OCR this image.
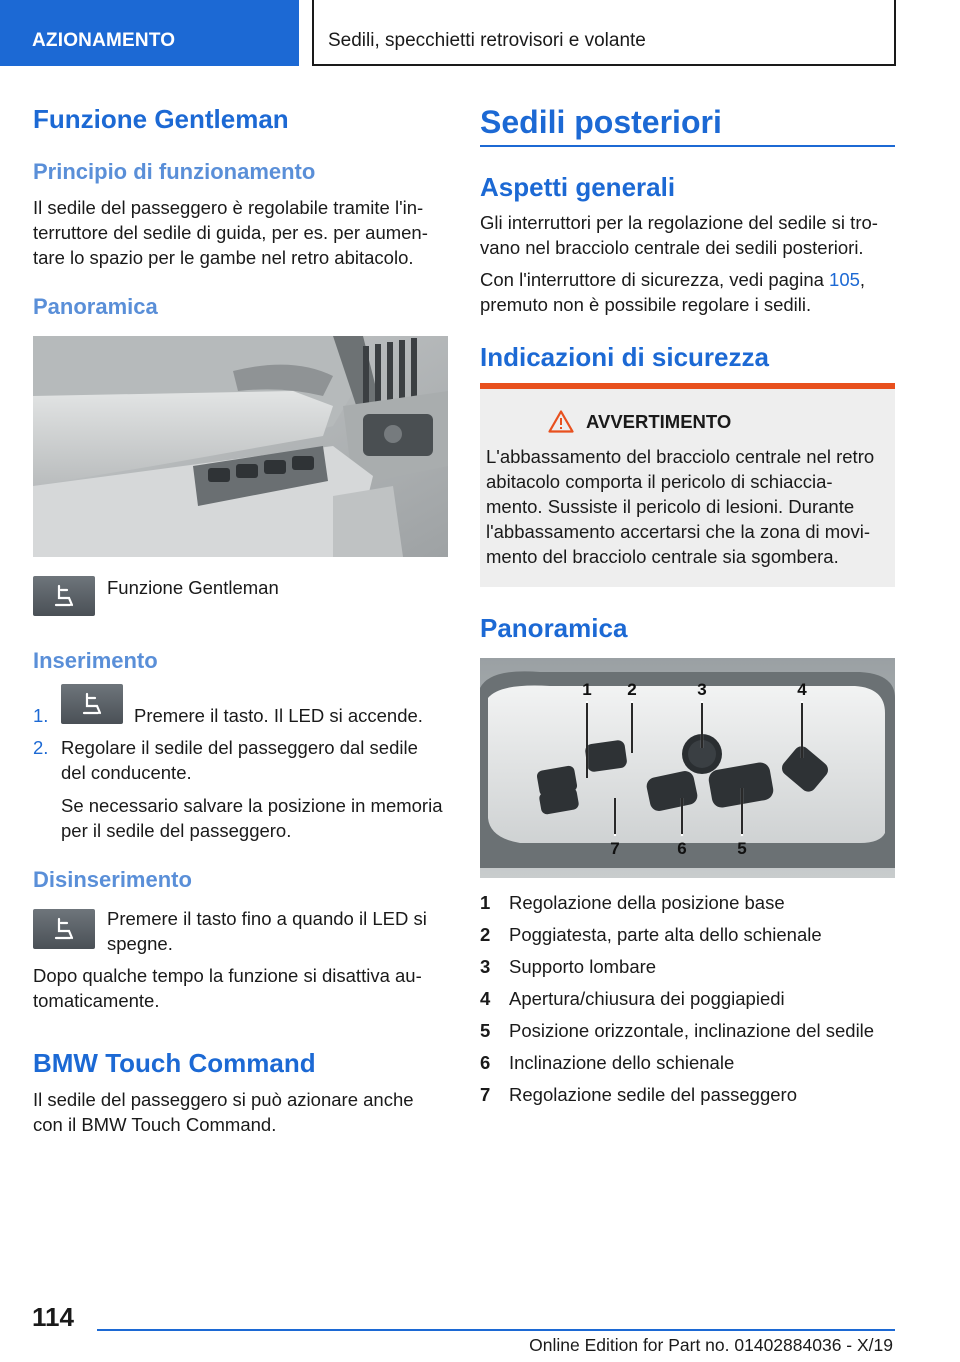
AZIONAMENTO	Sedili, specchietti retrovisori e volante
Funzione Gentleman
Principio di funzionamento
Il sedile del passeggero è regolabile tramite l'in-
terruttore del sedile di guida, per es. per aumen-
tare lo spazio per le gambe nel retro abitacolo.
Panoramica
Funzione Gentleman
Inserimento
1.	Premere il tasto. Il LED si accende.
2. Regolare il sedile del passeggero dal sedile
del conducente.
Se necessario salvare la posizione in memoria
per il sedile del passeggero.
Disinserimento
Premere il tasto fino a quando il LED si
spegne.
Dopo qualche tempo la funzione si disattiva au-
tomaticamente.
BMW Touch Command
Il sedile del passeggero si può azionare anche
con il BMW Touch Command.
Sedili posteriori
Aspetti generali
Gli interruttori per la regolazione del sedile si tro-
vano nel bracciolo centrale dei sedili posteriori.
Con l'interruttore di sicurezza, vedi pagina 105,
premuto non è possibile regolare i sedili.
Indicazioni di sicurezza
AVVERTIMENTO
L'abbassamento del bracciolo centrale nel retro
abitacolo comporta il pericolo di schiaccia-
mento. Sussiste il pericolo di lesioni. Durante
l'abbassamento accertarsi che la zona di movi-
mento del bracciolo centrale sia sgombera.
Panoramica
1 2	3	4
5
6
7
1 Regolazione della posizione base
2 Poggiatesta, parte alta dello schienale
3 Supporto lombare
4 Apertura/chiusura dei poggiapiedi
5 Posizione orizzontale, inclinazione del sedile
6 Inclinazione dello schienale
7 Regolazione sedile del passeggero
114
Online Edition for Part no. 01402884036 - X/19
